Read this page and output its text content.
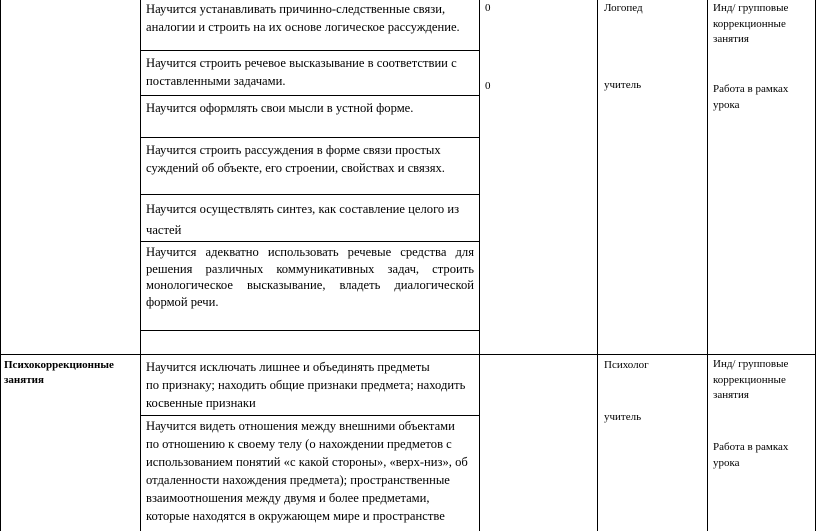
Научится устанавливать причинно-следственные связи,
аналогии и строить на их основе логическое рассуждение.
Научится строить речевое высказывание в соответствии с
поставленными задачами.
Научится оформлять свои мысли в устной форме.
Научится строить рассуждения в форме связи простых
суждений об объекте, его строении, свойствах и связях.
Научится осуществлять синтез, как составление целого из
частей
Научится адекватно использовать речевые средства для
решения различных коммуникативных задач, строить
монологическое высказывание, владеть диалогической
формой речи.
0
0
Логопед
учитель
Инд/ групповые
коррекционные
занятия
Работа в рамках
урока
Психокоррекционные
занятия
Научится исключать лишнее и объединять предметы
по признаку; находить общие признаки предмета; находить
косвенные признаки
Научится видеть отношения между внешними объектами
по отношению к своему телу (о нахождении предметов с
использованием понятий «с какой стороны», «верх-низ», об
отдаленности нахождения предмета); пространственные
взаимоотношения между двумя и более предметами,
которые находятся в окружающем мире и пространстве
Психолог
учитель
Инд/ групповые
коррекционные
занятия
Работа в рамках
урока
